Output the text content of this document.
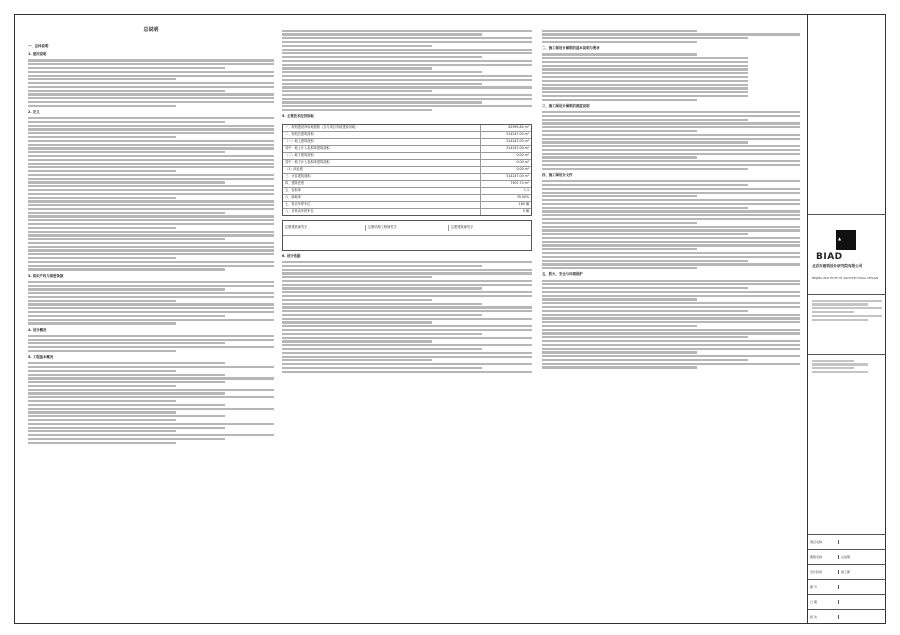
总说明
一、总体说明
1. 使用说明
2. 定义
3. 知识产权与保密条款
4. 设计概况
5. 工程基本概况
5. 主要技术经济指标
一、规划建设净用地面积（含与项目有地建设用地）	62995.84 m²
二、规划总建筑面积	514247.00 m²
（一）地上建筑面积	514247.00 m²
其中：地上计入容积率建筑面积	514247.00 m²
（二）地下建筑面积	0.00 m²
其中：地下计入容积率建筑面积	0.00 m²
（1）商业面	0.00 m²
三、计容建筑面积	514247.00 m²
四、建筑密度	7907.70 m²
五、容积率	1.1
六、绿地率	35.00%
七、机动车停车位	160 辆
八、非机动车停车位	0 辆
注册建筑师签字	注册结构工程师签字	注册建筑师签字
6. 设计依据
二、施工图设计图纸的基本说明与要求
三、施工图设计图纸的深度说明
四、施工图设计文件
五、防火、安全与环境保护
▲
BIAD
北京市建筑设计研究院有限公司
BEIJING INSTITUTE OF ARCHITECTURAL DESIGN
项目名称
图纸名称	总说明
设计阶段	施工图
图 号
日 期
版 次
